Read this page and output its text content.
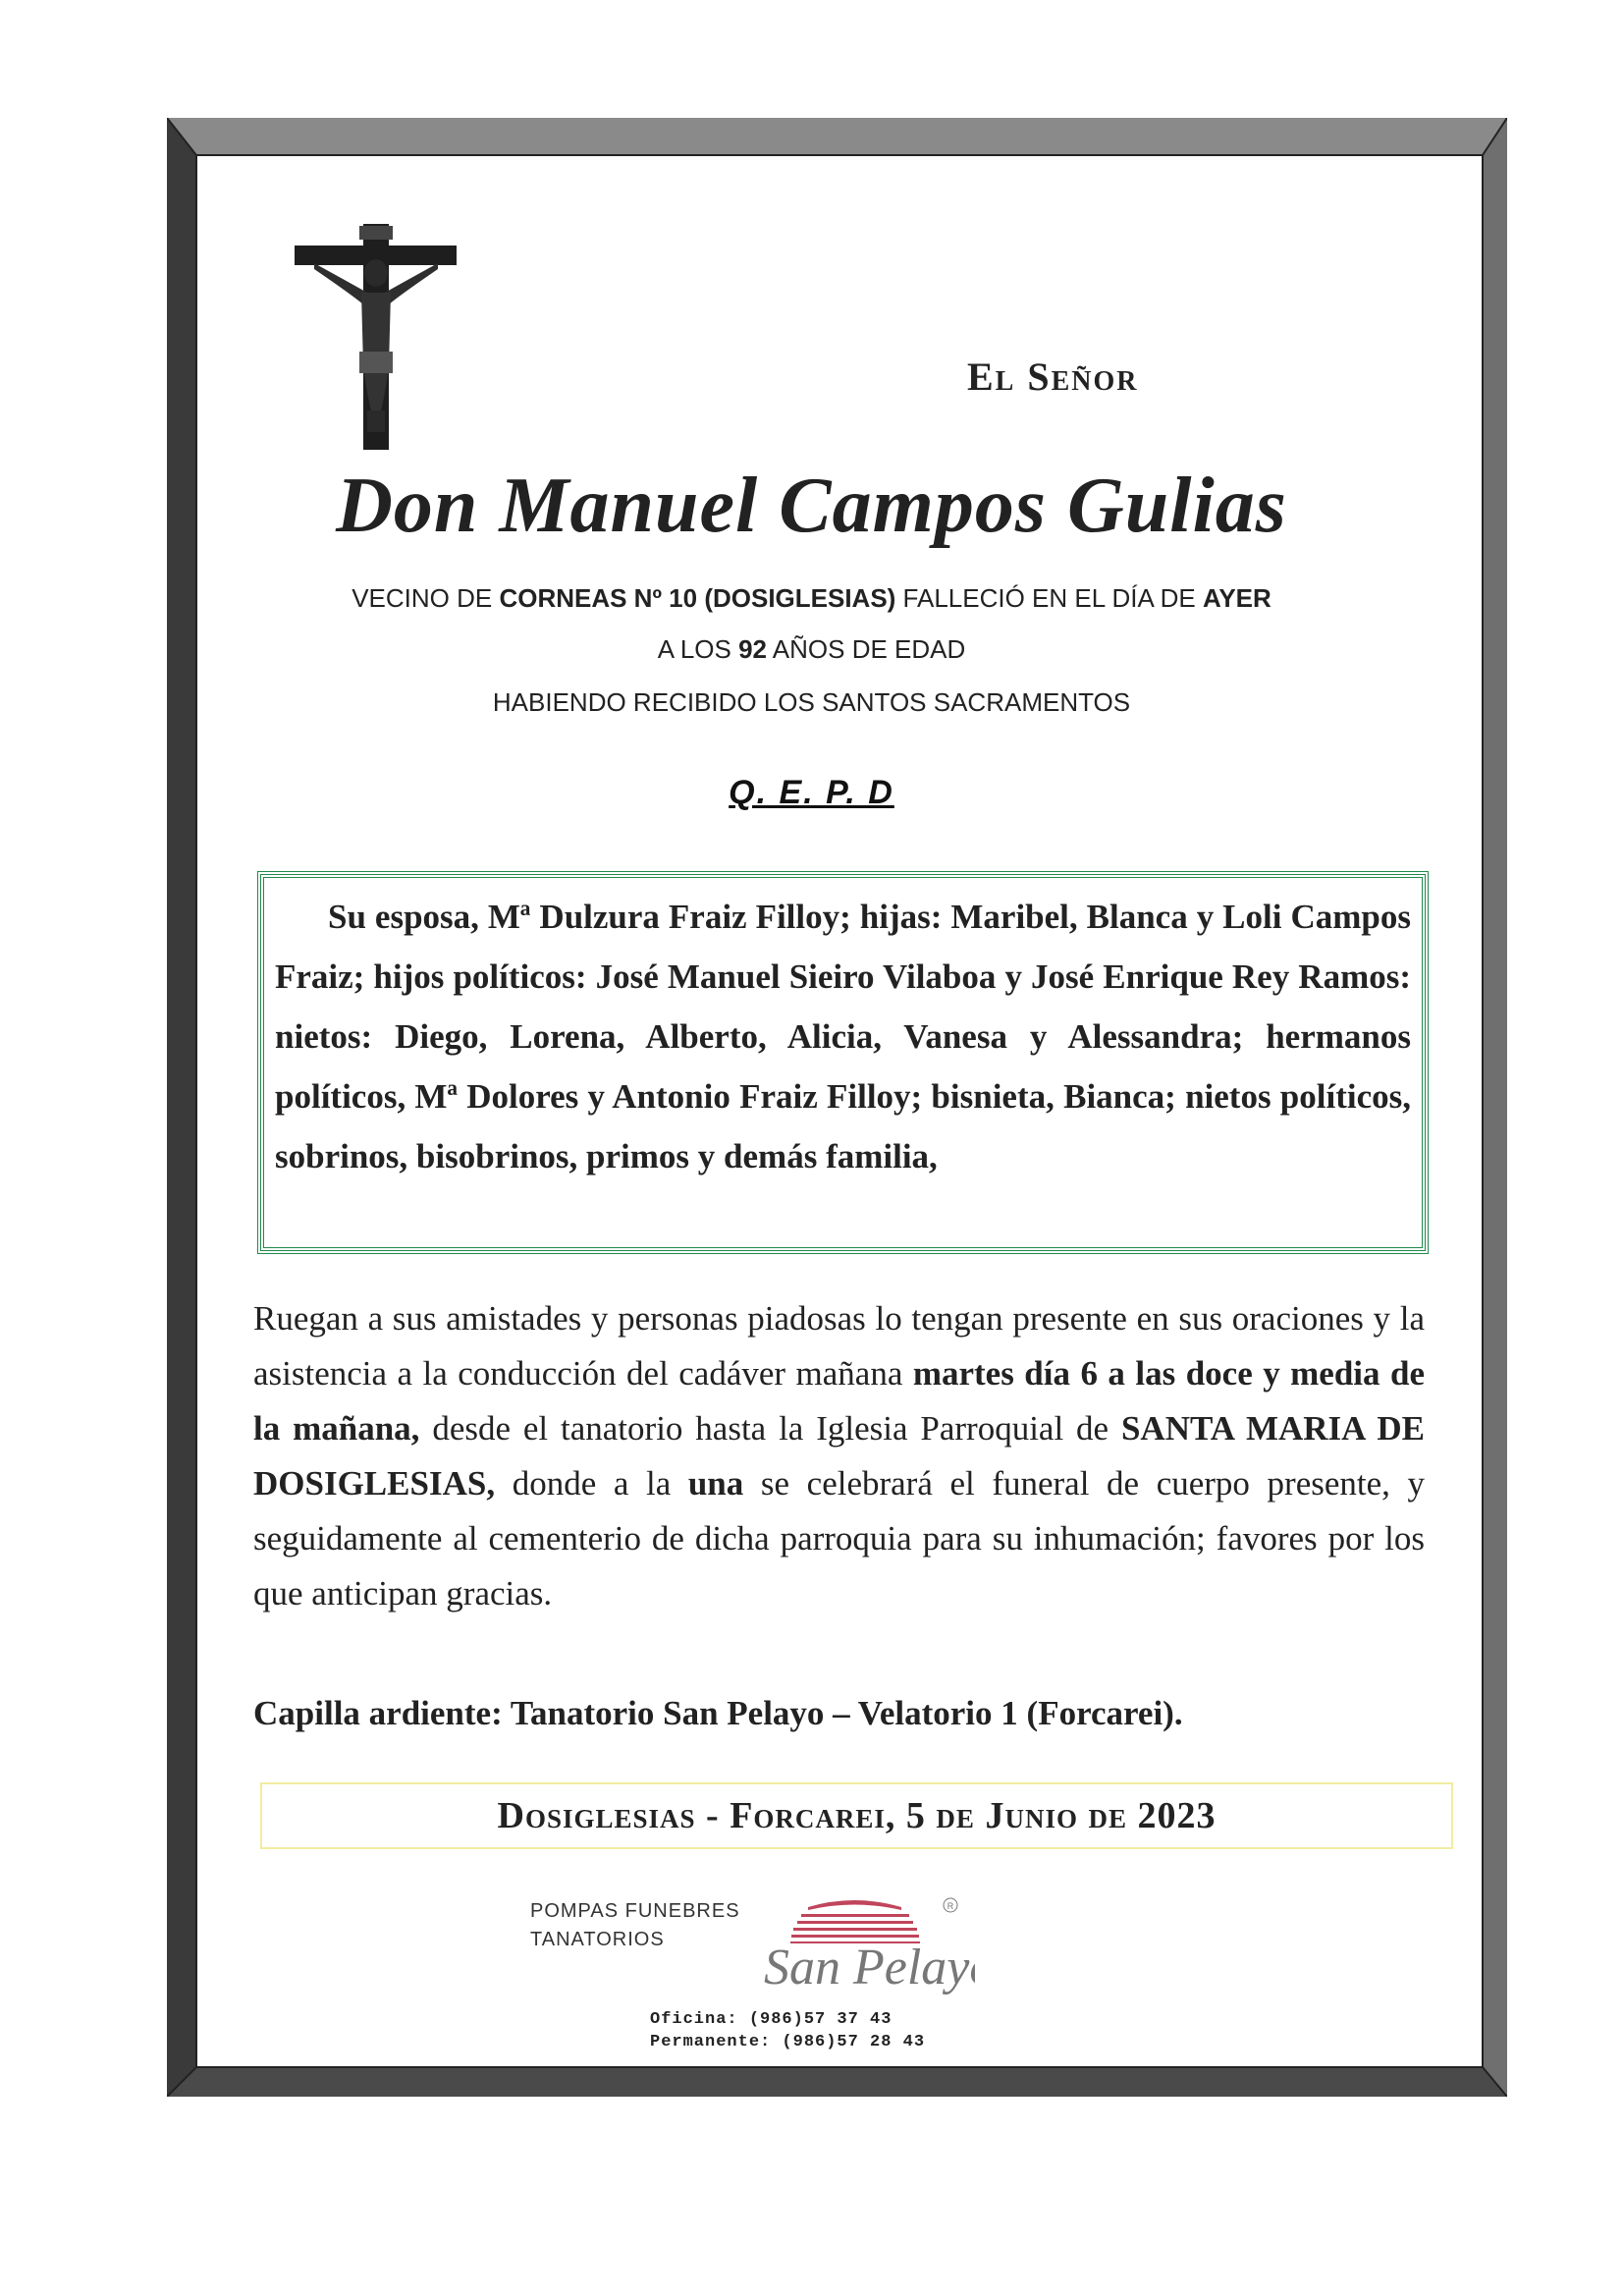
El Señor
Don Manuel Campos Gulias
VECINO DE CORNEAS Nº 10 (DOSIGLESIAS) FALLECIÓ EN EL DÍA DE AYER
A LOS 92 AÑOS DE EDAD
HABIENDO RECIBIDO LOS SANTOS SACRAMENTOS
Q. E. P. D

Su esposa, Mª Dulzura Fraiz Filloy; hijas: Maribel, Blanca y Loli Campos Fraiz; hijos políticos: José Manuel Sieiro Vilaboa y José Enrique Rey Ramos: nietos: Diego, Lorena, Alberto, Alicia, Vanesa y Alessandra; hermanos políticos, Mª Dolores y Antonio Fraiz Filloy; bisnieta, Bianca; nietos políticos, sobrinos, bisobrinos, primos y demás familia,

Ruegan a sus amistades y personas piadosas lo tengan presente en sus oraciones y la asistencia a la conducción del cadáver mañana martes día 6 a las doce y media de la mañana, desde el tanatorio hasta la Iglesia Parroquial de SANTA MARIA DE DOSIGLESIAS, donde a la una se celebrará el funeral de cuerpo presente, y seguidamente al cementerio de dicha parroquia para su inhumación; favores por los que anticipan gracias.

Capilla ardiente: Tanatorio San Pelayo – Velatorio 1 (Forcarei).
Dosiglesias - Forcarei, 5 de Junio de 2023
POMPAS FUNEBRES
TANATORIOS
R
San Pelayo
Oficina: (986)57 37 43
Permanente: (986)57 28 43
